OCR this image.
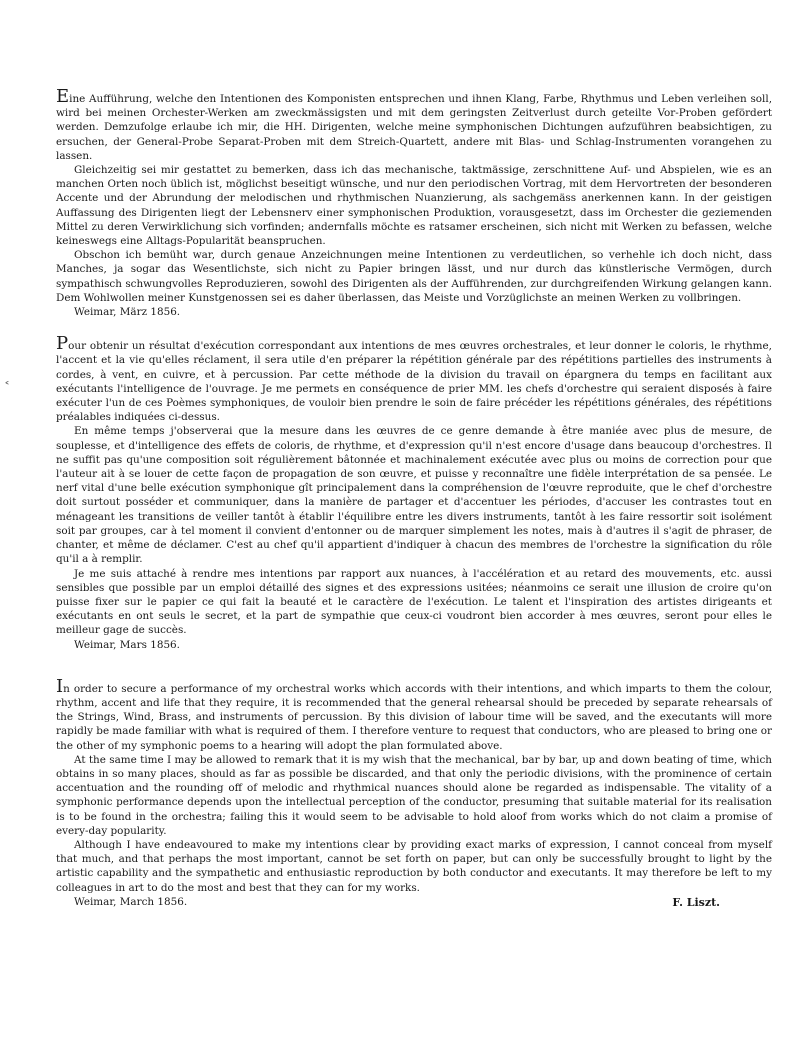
˂

Eine Aufführung, welche den Intentionen des Komponisten entsprechen und ihnen Klang, Farbe, Rhythmus und Leben verleihen soll, wird bei meinen Orchester-Werken am zweckmässigsten und mit dem geringsten Zeitverlust durch geteilte Vor-Proben gefördert werden. Demzufolge erlaube ich mir, die HH. Dirigenten, welche meine symphonischen Dichtungen aufzuführen beabsichtigen, zu ersuchen, der General-Probe Separat-Proben mit dem Streich-Quartett, andere mit Blas- und Schlag-Instrumenten vorangehen zu lassen.

Gleichzeitig sei mir gestattet zu bemerken, dass ich das mechanische, taktmässige, zerschnittene Auf- und Abspielen, wie es an manchen Orten noch üblich ist, möglichst beseitigt wünsche, und nur den periodischen Vortrag, mit dem Hervortreten der besonderen Accente und der Abrundung der melodischen und rhythmischen Nuanzierung, als sachgemäss anerkennen kann. In der geistigen Auffassung des Dirigenten liegt der Lebensnerv einer symphonischen Produktion, vorausgesetzt, dass im Orchester die geziemenden Mittel zu deren Verwirklichung sich vorfinden; andernfalls möchte es ratsamer erscheinen, sich nicht mit Werken zu befassen, welche keineswegs eine Alltags-Popularität beanspruchen.

Obschon ich bemüht war, durch genaue Anzeichnungen meine Intentionen zu verdeutlichen, so verhehle ich doch nicht, dass Manches, ja sogar das Wesentlichste, sich nicht zu Papier bringen lässt, und nur durch das künstlerische Vermögen, durch sympathisch schwungvolles Reproduzieren, sowohl des Dirigenten als der Aufführenden, zur durchgreifenden Wirkung gelangen kann. Dem Wohlwollen meiner Kunstgenossen sei es daher überlassen, das Meiste und Vorzüglichste an meinen Werken zu vollbringen.

Weimar, März 1856.

Pour obtenir un résultat d'exécution correspondant aux intentions de mes œuvres orchestrales, et leur donner le coloris, le rhythme, l'accent et la vie qu'elles réclament, il sera utile d'en préparer la répétition générale par des répétitions partielles des instruments à cordes, à vent, en cuivre, et à percussion. Par cette méthode de la division du travail on épargnera du temps en facilitant aux exécutants l'intelligence de l'ouvrage. Je me permets en conséquence de prier MM. les chefs d'orchestre qui seraient disposés à faire exécuter l'un de ces Poèmes symphoniques, de vouloir bien prendre le soin de faire précéder les répétitions générales, des répétitions préalables indiquées ci-dessus.

En même temps j'observerai que la mesure dans les œuvres de ce genre demande à être maniée avec plus de mesure, de souplesse, et d'intelligence des effets de coloris, de rhythme, et d'expression qu'il n'est encore d'usage dans beaucoup d'orchestres. Il ne suffit pas qu'une composition soit régulièrement bâtonnée et machinalement exécutée avec plus ou moins de correction pour que l'auteur ait à se louer de cette façon de propagation de son œuvre, et puisse y reconnaître une fidèle interprétation de sa pensée. Le nerf vital d'une belle exécution symphonique gît principalement dans la compréhension de l'œuvre reproduite, que le chef d'orchestre doit surtout posséder et communiquer, dans la manière de partager et d'accentuer les périodes, d'accuser les contrastes tout en ménageant les transitions de veiller tantôt à établir l'équilibre entre les divers instruments, tantôt à les faire ressortir soit isolément soit par groupes, car à tel moment il convient d'entonner ou de marquer simplement les notes, mais à d'autres il s'agit de phraser, de chanter, et même de déclamer. C'est au chef qu'il appartient d'indiquer à chacun des membres de l'orchestre la signification du rôle qu'il a à remplir.

Je me suis attaché à rendre mes intentions par rapport aux nuances, à l'accélération et au retard des mouvements, etc. aussi sensibles que possible par un emploi détaillé des signes et des expressions usitées; néanmoins ce serait une illusion de croire qu'on puisse fixer sur le papier ce qui fait la beauté et le caractère de l'exécution. Le talent et l'inspiration des artistes dirigeants et exécutants en ont seuls le secret, et la part de sympathie que ceux-ci voudront bien accorder à mes œuvres, seront pour elles le meilleur gage de succès.

Weimar, Mars 1856.

In order to secure a performance of my orchestral works which accords with their intentions, and which imparts to them the colour, rhythm, accent and life that they require, it is recommended that the general rehearsal should be preceded by separate rehearsals of the Strings, Wind, Brass, and instruments of percussion. By this division of labour time will be saved, and the executants will more rapidly be made familiar with what is required of them. I therefore venture to request that conductors, who are pleased to bring one or the other of my symphonic poems to a hearing will adopt the plan formulated above.

At the same time I may be allowed to remark that it is my wish that the mechanical, bar by bar, up and down beating of time, which obtains in so many places, should as far as possible be discarded, and that only the periodic divisions, with the prominence of certain accentuation and the rounding off of melodic and rhythmical nuances should alone be regarded as indispensable. The vitality of a symphonic performance depends upon the intellectual perception of the conductor, presuming that suitable material for its realisation is to be found in the orchestra; failing this it would seem to be advisable to hold aloof from works which do not claim a promise of every-day popularity.

Although I have endeavoured to make my intentions clear by providing exact marks of expression, I cannot conceal from myself that much, and that perhaps the most important, cannot be set forth on paper, but can only be successfully brought to light by the artistic capability and the sympathetic and enthusiastic reproduction by both conductor and executants. It may therefore be left to my colleagues in art to do the most and best that they can for my works.

Weimar, March 1856.	F. Liszt.
